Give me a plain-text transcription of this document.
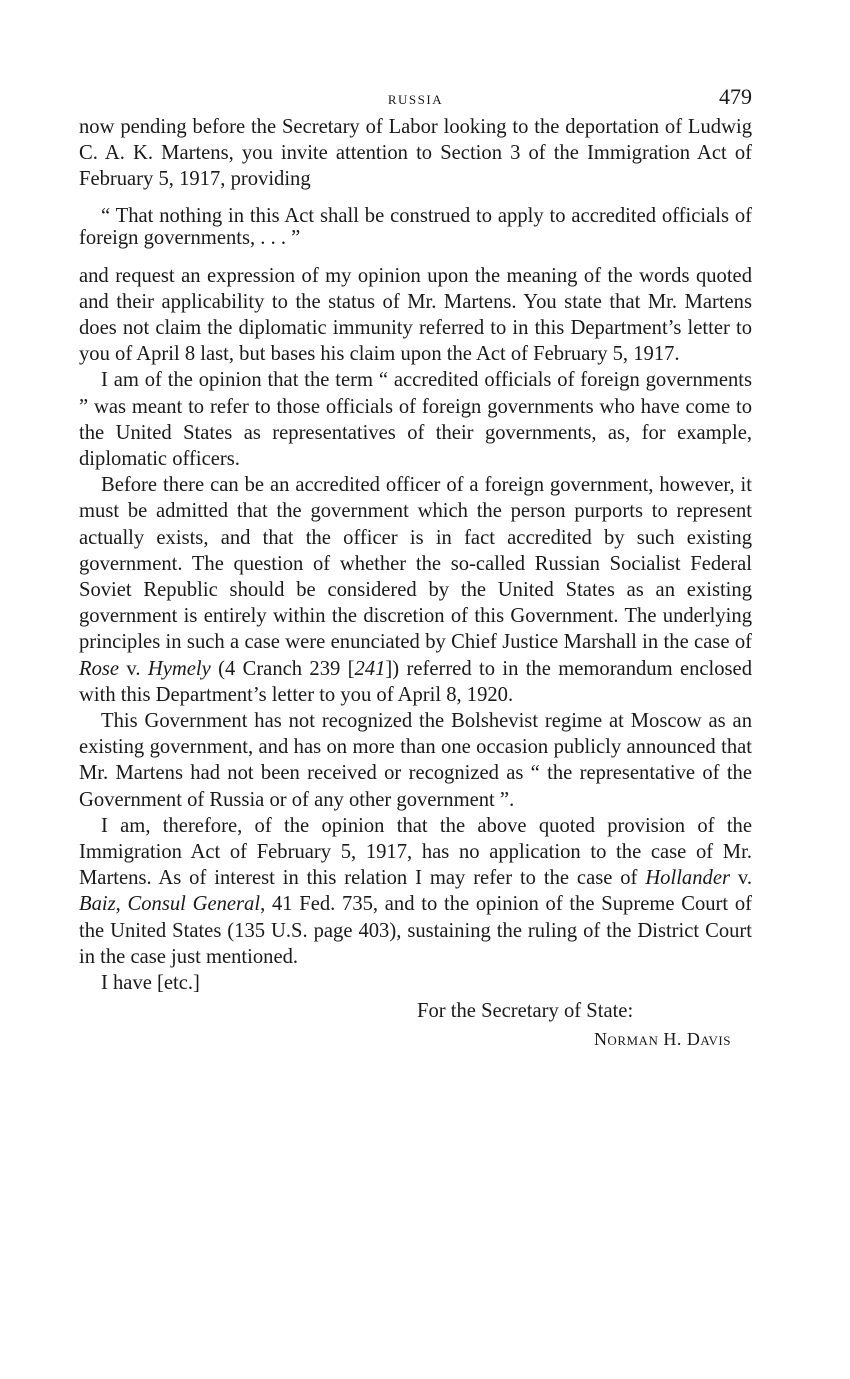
RUSSIA	479

now pending before the Secretary of Labor looking to the deportation of Ludwig C. A. K. Martens, you invite attention to Section 3 of the Immigration Act of February 5, 1917, providing

“ That nothing in this Act shall be construed to apply to accredited officials of foreign governments, . . . ”

and request an expression of my opinion upon the meaning of the words quoted and their applicability to the status of Mr. Martens. You state that Mr. Martens does not claim the diplomatic immunity referred to in this Department’s letter to you of April 8 last, but bases his claim upon the Act of February 5, 1917.

I am of the opinion that the term “ accredited officials of foreign governments ” was meant to refer to those officials of foreign governments who have come to the United States as representatives of their governments, as, for example, diplomatic officers.

Before there can be an accredited officer of a foreign government, however, it must be admitted that the government which the person purports to represent actually exists, and that the officer is in fact accredited by such existing government. The question of whether the so-called Russian Socialist Federal Soviet Republic should be considered by the United States as an existing government is entirely within the discretion of this Government. The underlying principles in such a case were enunciated by Chief Justice Marshall in the case of Rose v. Hymely (4 Cranch 239 [241]) referred to in the memorandum enclosed with this Department’s letter to you of April 8, 1920.

This Government has not recognized the Bolshevist regime at Moscow as an existing government, and has on more than one occasion publicly announced that Mr. Martens had not been received or recognized as “ the representative of the Government of Russia or of any other government ”.

I am, therefore, of the opinion that the above quoted provision of the Immigration Act of February 5, 1917, has no application to the case of Mr. Martens. As of interest in this relation I may refer to the case of Hollander v. Baiz, Consul General, 41 Fed. 735, and to the opinion of the Supreme Court of the United States (135 U.S. page 403), sustaining the ruling of the District Court in the case just mentioned.

I have [etc.]

For the Secretary of State:
Norman H. Davis
